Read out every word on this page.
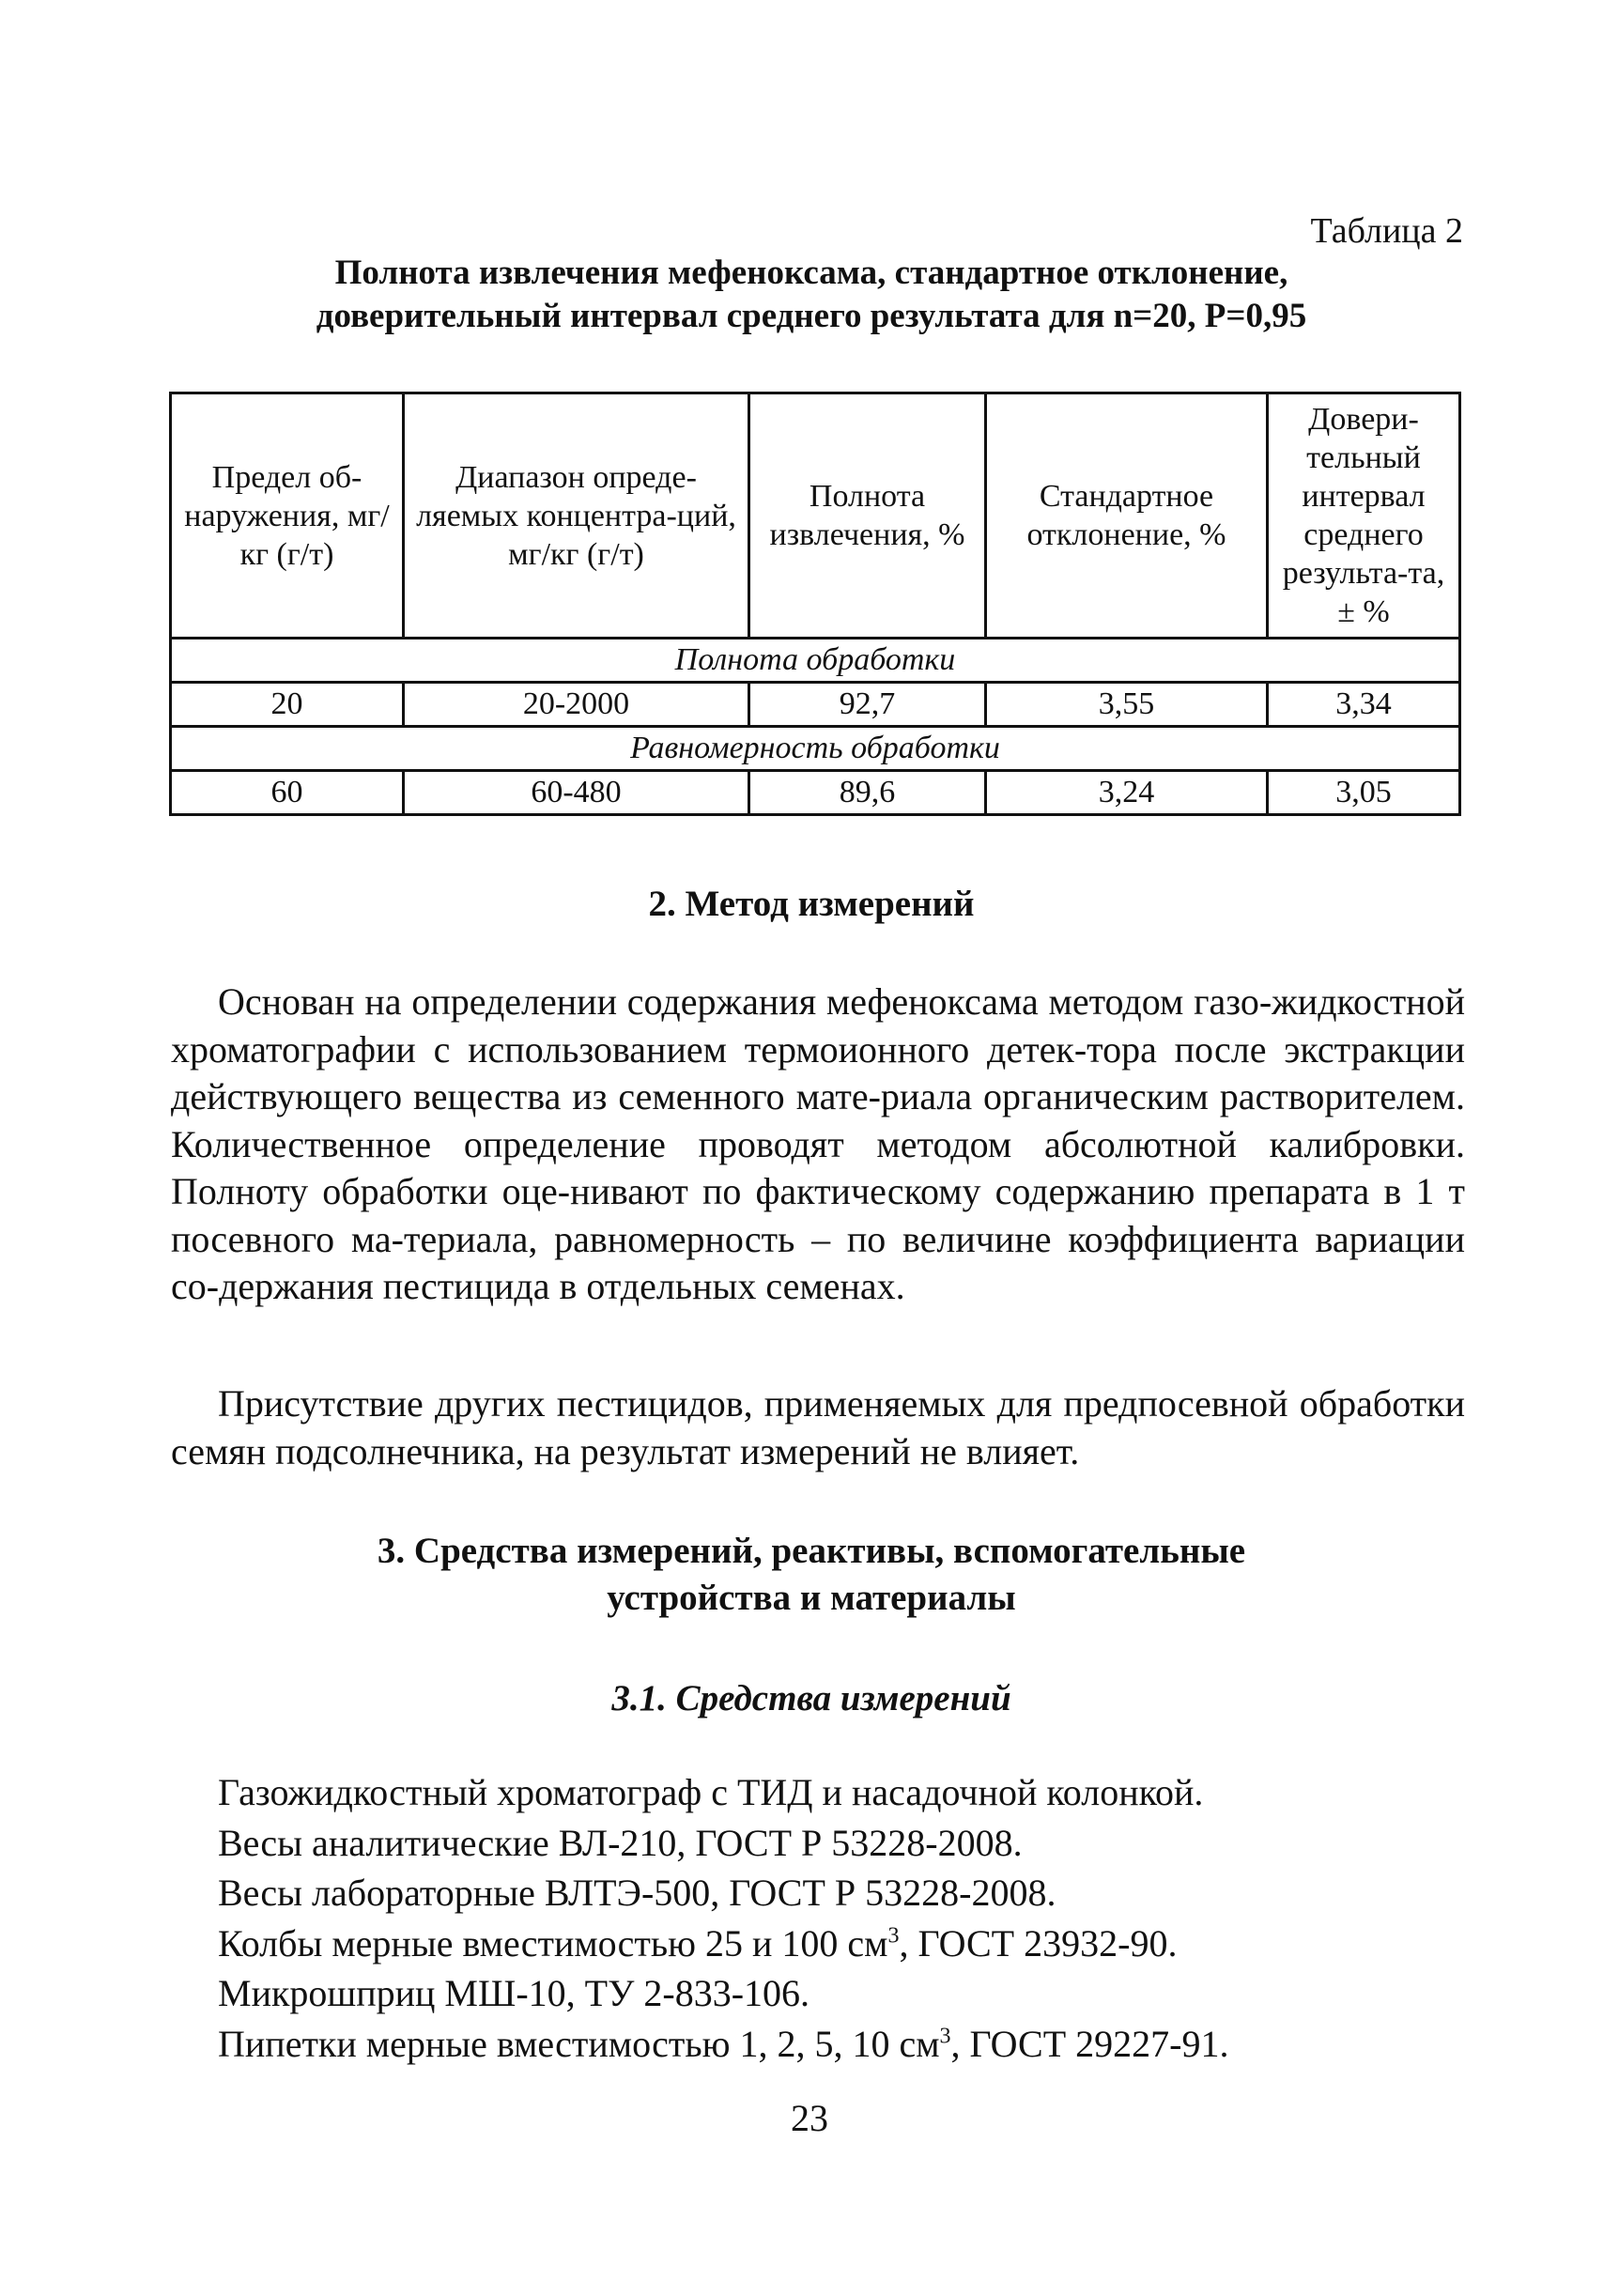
Таблица 2
Полнота извлечения мефеноксама, стандартное отклонение,
доверительный интервал среднего результата для n=20, P=0,95
Предел об-наружения, мг/кг (г/т)	Диапазон опреде-ляемых концентра-ций, мг/кг (г/т)	Полнота извлечения, %	Стандартное отклонение, %	Довери-тельный интервал среднего результа-та, ± %
Полнота обработки				
20	20-2000	92,7	3,55	3,34
Равномерность обработки				
60	60-480	89,6	3,24	3,05
2. Метод измерений

Основан на определении содержания мефеноксама методом газо-жидкостной хроматографии с использованием термоионного детек-тора после экстракции действующего вещества из семенного мате-риала органическим растворителем. Количественное определение проводят методом абсолютной калибровки. Полноту обработки оце-нивают по фактическому содержанию препарата в 1 т посевного ма-териала, равномерность – по величине коэффициента вариации со-держания пестицида в отдельных семенах.

Присутствие других пестицидов, применяемых для предпосевной обработки семян подсолнечника, на результат измерений не влияет.

3. Средства измерений, реактивы, вспомогательные
устройства и материалы
3.1. Средства измерений
Газожидкостный хроматограф с ТИД и насадочной колонкой.
Весы аналитические ВЛ-210, ГОСТ Р 53228-2008.
Весы лабораторные ВЛТЭ-500, ГОСТ Р 53228-2008.
Колбы мерные вместимостью 25 и 100 $см^3$, ГОСТ 23932-90.
Микрошприц МШ-10, ТУ 2-833-106.
Пипетки мерные вместимостью 1, 2, 5, 10 $см^3$, ГОСТ 29227-91.
23
